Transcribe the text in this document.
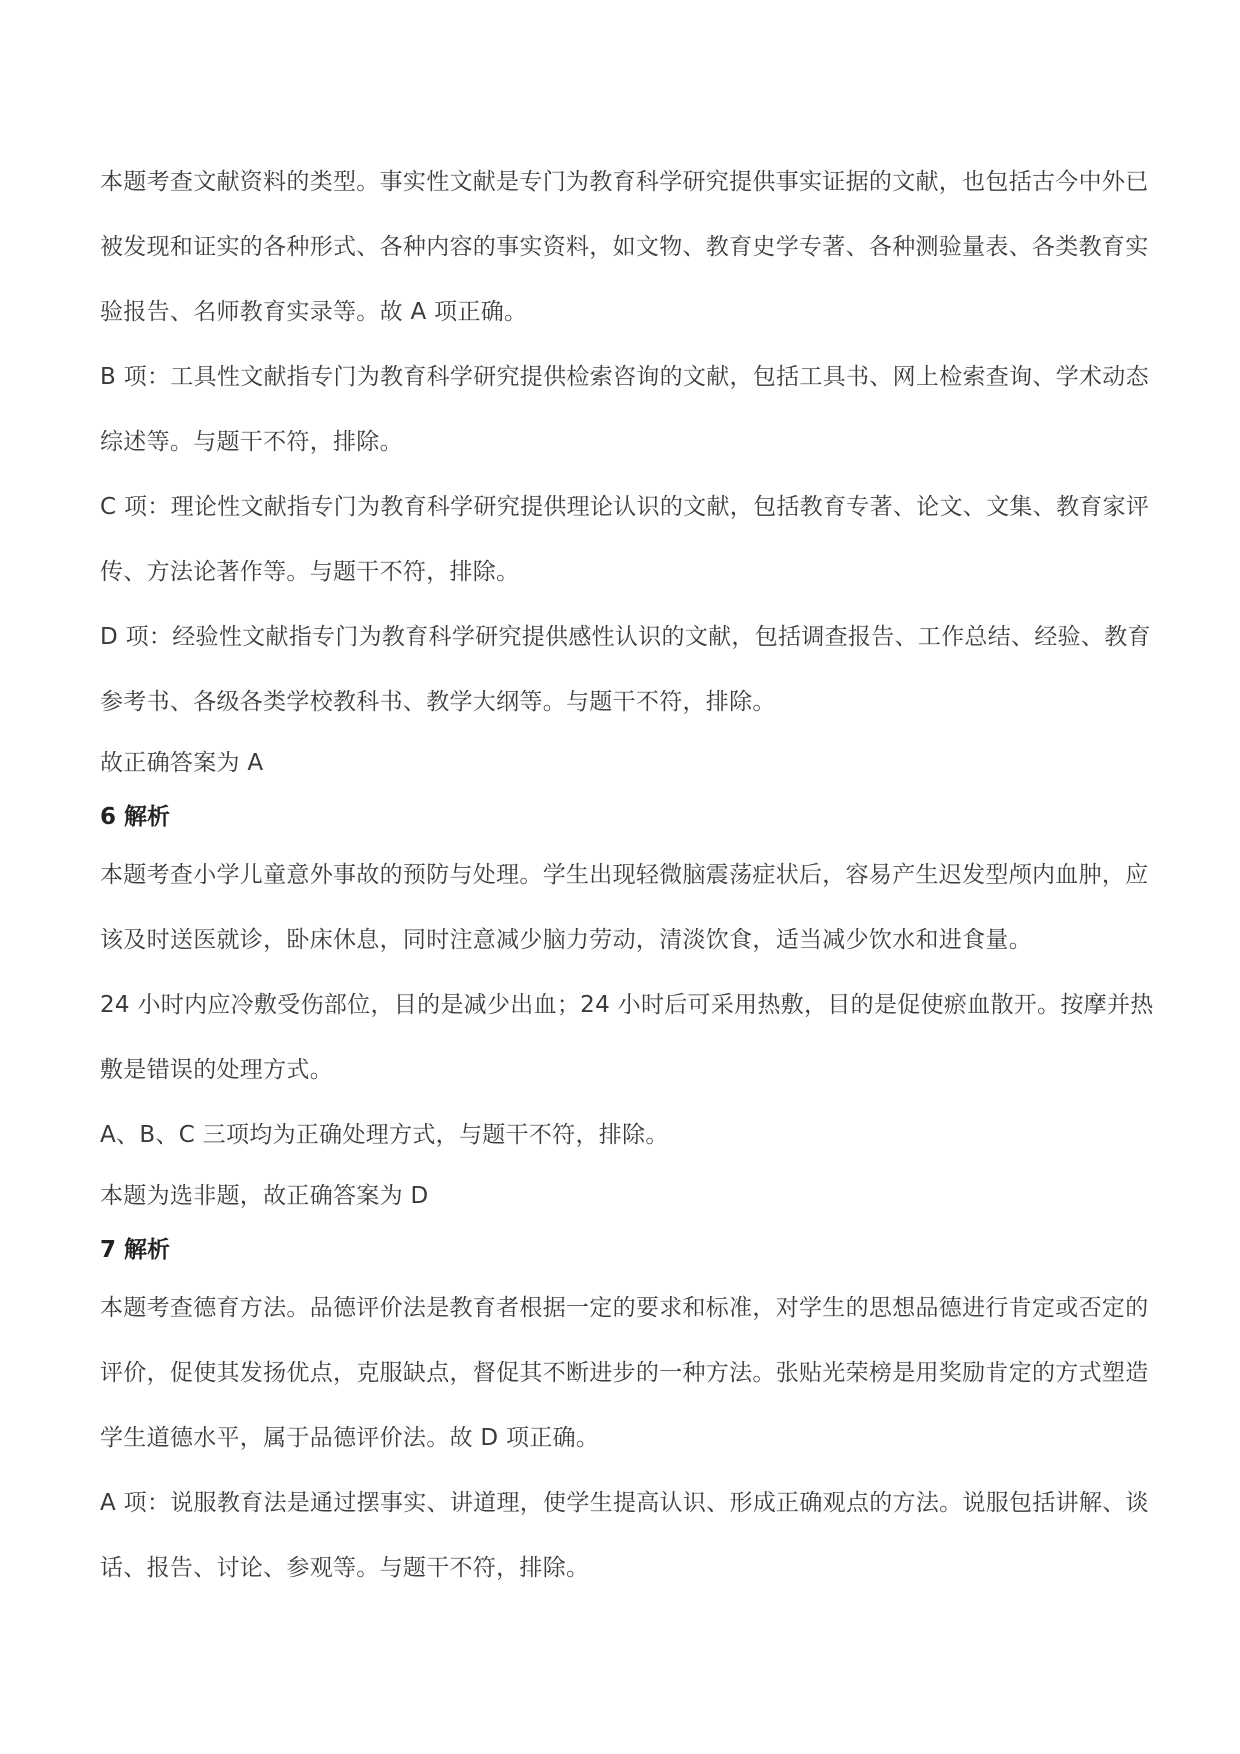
本题考查文献资料的类型。事实性文献是专门为教育科学研究提供事实证据的文献，也包括古今中外已被发现和证实的各种形式、各种内容的事实资料，如文物、教育史学专著、各种测验量表、各类教育实验报告、名师教育实录等。故 A 项正确。

B 项：工具性文献指专门为教育科学研究提供检索咨询的文献，包括工具书、网上检索查询、学术动态综述等。与题干不符，排除。

C 项：理论性文献指专门为教育科学研究提供理论认识的文献，包括教育专著、论文、文集、教育家评传、方法论著作等。与题干不符，排除。

D 项：经验性文献指专门为教育科学研究提供感性认识的文献，包括调查报告、工作总结、经验、教育参考书、各级各类学校教科书、教学大纲等。与题干不符，排除。

故正确答案为 A

6 解析

本题考查小学儿童意外事故的预防与处理。学生出现轻微脑震荡症状后，容易产生迟发型颅内血肿，应该及时送医就诊，卧床休息，同时注意减少脑力劳动，清淡饮食，适当减少饮水和进食量。

24 小时内应冷敷受伤部位，目的是减少出血；24 小时后可采用热敷，目的是促使瘀血散开。按摩并热敷是错误的处理方式。

A、B、C 三项均为正确处理方式，与题干不符，排除。

本题为选非题，故正确答案为 D

7 解析

本题考查德育方法。品德评价法是教育者根据一定的要求和标准，对学生的思想品德进行肯定或否定的评价，促使其发扬优点，克服缺点，督促其不断进步的一种方法。张贴光荣榜是用奖励肯定的方式塑造学生道德水平，属于品德评价法。故 D 项正确。

A 项：说服教育法是通过摆事实、讲道理，使学生提高认识、形成正确观点的方法。说服包括讲解、谈话、报告、讨论、参观等。与题干不符，排除。
